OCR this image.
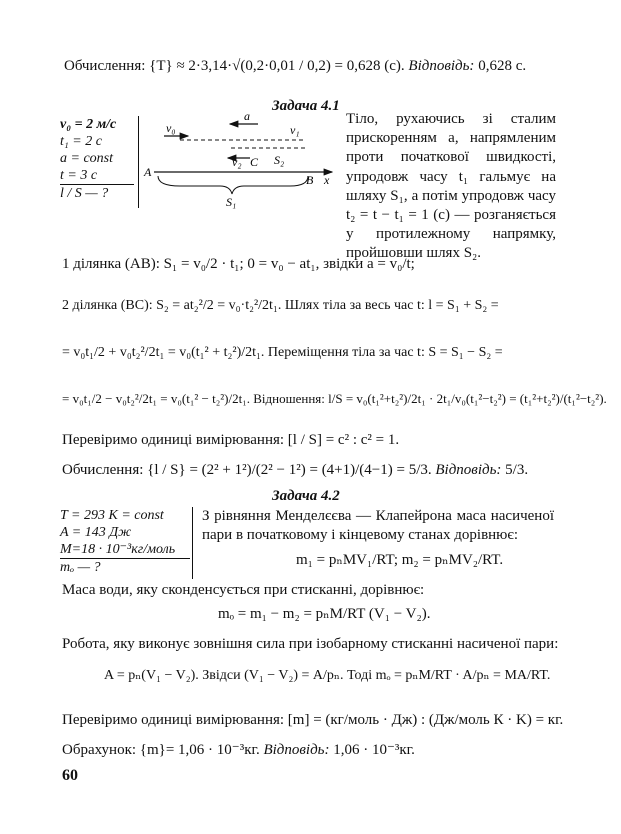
Обчислення: {T} ≈ 2·3,14·√(0,2·0,01 / 0,2) = 0,628 (с). Відповідь: 0,628 с.
Задача 4.1
v₀ = 2 м/с
t₁ = 2 с
a = const
t = 3 с
l / S — ?
v₀
a
v₁
v₂ C S₂
A
B x
S₁
Тіло, рухаючись зі сталим прискоренням a, напрямленим проти початкової швидкості, упродовж часу t₁ гальмує на шляху S₁, а потім упродовж часу t₂ = t − t₁ = 1 (с) — розганяється у протилежному напрямку, пройшовши шлях S₂.
1 ділянка (AB): S₁ = v₀/2 · t₁; 0 = v₀ − at₁, звідки a = v₀/t;
2 ділянка (BC): S₂ = at₂²/2 = v₀·t₂²/2t₁. Шлях тіла за весь час t: l = S₁ + S₂ =
= v₀t₁/2 + v₀t₂²/2t₁ = v₀(t₁² + t₂²)/2t₁. Переміщення тіла за час t: S = S₁ − S₂ =
= v₀t₁/2 − v₀t₂²/2t₁ = v₀(t₁² − t₂²)/2t₁. Відношення: l/S = v₀(t₁²+t₂²)/2t₁ · 2t₁/v₀(t₁²−t₂²) = (t₁²+t₂²)/(t₁²−t₂²).
Перевіримо одиниці вимірювання: [l / S] = c² : c² = 1.
Обчислення: {l / S} = (2² + 1²)/(2² − 1²) = (4+1)/(4−1) = 5/3. Відповідь: 5/3.
Задача 4.2
T = 293 K = const
A = 143 Дж
M=18 · 10⁻³кг/моль
mₒ — ?
З рівняння Менделєєва — Клапейрона маса насиченої пари в початковому і кінцевому станах дорівнює:
m₁ = pₙMV₁/RT; m₂ = pₙMV₂/RT.
Маса води, яку сконденсується при стисканні, дорівнює:
mₒ = m₁ − m₂ = pₙM/RT (V₁ − V₂).
Робота, яку виконує зовнішня сила при ізобарному стисканні насиченої пари:
A = pₙ(V₁ − V₂). Звідси (V₁ − V₂) = A/pₙ. Тоді mₒ = pₙM/RT · A/pₙ = MA/RT.
Перевіримо одиниці вимірювання: [m] = (кг/моль · Дж) : (Дж/моль К · K) = кг.
Обрахунок: {m}= 1,06 · 10⁻³кг. Відповідь: 1,06 · 10⁻³кг.
60
